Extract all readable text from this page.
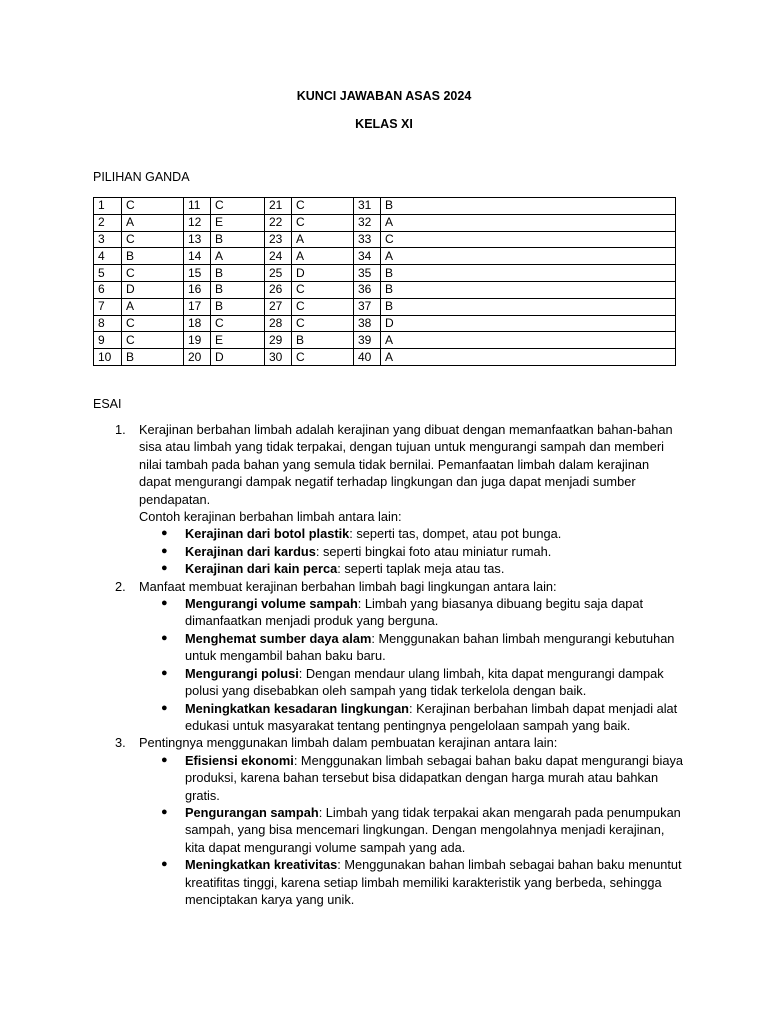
KUNCI JAWABAN ASAS 2024
KELAS XI
PILIHAN GANDA
1	C	11	C	21	C	31	B
2	A	12	E	22	C	32	A
3	C	13	B	23	A	33	C
4	B	14	A	24	A	34	A
5	C	15	B	25	D	35	B
6	D	16	B	26	C	36	B
7	A	17	B	27	C	37	B
8	C	18	C	28	C	38	D
9	C	19	E	29	B	39	A
10	B	20	D	30	C	40	A
ESAI
1. Kerajinan berbahan limbah adalah kerajinan yang dibuat dengan memanfaatkan bahan-bahan sisa atau limbah yang tidak terpakai, dengan tujuan untuk mengurangi sampah dan memberi nilai tambah pada bahan yang semula tidak bernilai. Pemanfaatan limbah dalam kerajinan dapat mengurangi dampak negatif terhadap lingkungan dan juga dapat menjadi sumber pendapatan.
Contoh kerajinan berbahan limbah antara lain:
● Kerajinan dari botol plastik: seperti tas, dompet, atau pot bunga.
● Kerajinan dari kardus: seperti bingkai foto atau miniatur rumah.
● Kerajinan dari kain perca: seperti taplak meja atau tas.
2. Manfaat membuat kerajinan berbahan limbah bagi lingkungan antara lain:
● Mengurangi volume sampah: Limbah yang biasanya dibuang begitu saja dapat dimanfaatkan menjadi produk yang berguna.
● Menghemat sumber daya alam: Menggunakan bahan limbah mengurangi kebutuhan untuk mengambil bahan baku baru.
● Mengurangi polusi: Dengan mendaur ulang limbah, kita dapat mengurangi dampak polusi yang disebabkan oleh sampah yang tidak terkelola dengan baik.
● Meningkatkan kesadaran lingkungan: Kerajinan berbahan limbah dapat menjadi alat edukasi untuk masyarakat tentang pentingnya pengelolaan sampah yang baik.
3. Pentingnya menggunakan limbah dalam pembuatan kerajinan antara lain:
● Efisiensi ekonomi: Menggunakan limbah sebagai bahan baku dapat mengurangi biaya produksi, karena bahan tersebut bisa didapatkan dengan harga murah atau bahkan gratis.
● Pengurangan sampah: Limbah yang tidak terpakai akan mengarah pada penumpukan sampah, yang bisa mencemari lingkungan. Dengan mengolahnya menjadi kerajinan, kita dapat mengurangi volume sampah yang ada.
● Meningkatkan kreativitas: Menggunakan bahan limbah sebagai bahan baku menuntut kreatifitas tinggi, karena setiap limbah memiliki karakteristik yang berbeda, sehingga menciptakan karya yang unik.
